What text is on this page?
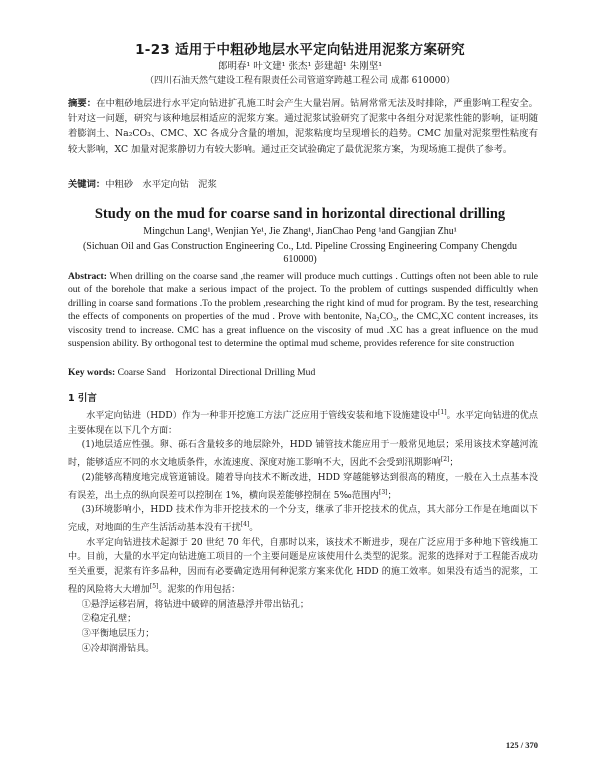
1-23 适用于中粗砂地层水平定向钻进用泥浆方案研究
郎明春¹ 叶文建¹ 张杰¹ 彭建超¹ 朱刚坚¹
（四川石油天然气建设工程有限责任公司管道穿跨越工程公司 成都 610000）
摘要：在中粗砂地层进行水平定向钻进扩孔施工时会产生大量岩屑。钻屑常常无法及时排除，严重影响工程安全。针对这一问题，研究与该种地层相适应的泥浆方案。通过泥浆试验研究了泥浆中各组分对泥浆性能的影响，证明随着膨润土、Na₂CO₃、CMC、XC 各成分含量的增加，泥浆粘度均呈现增长的趋势。CMC 加量对泥浆塑性粘度有较大影响，XC 加量对泥浆静切力有较大影响。通过正交试验确定了最优泥浆方案，为现场施工提供了参考。
关键词：中粗砂　水平定向钻　泥浆
Study on the mud for coarse sand in horizontal directional drilling
Mingchun Lang¹, Wenjian Ye¹, Jie Zhang¹, JianChao Peng ¹and Gangjian Zhu¹
(Sichuan Oil and Gas Construction Engineering Co., Ltd. Pipeline Crossing Engineering Company Chengdu 610000)
Abstract: When drilling on the coarse sand ,the reamer will produce much cuttings . Cuttings often not been able to rule out of the borehole that make a serious impact of the project. To the problem of cuttings suspended difficultly when drilling in coarse sand formations .To the problem ,researching the right kind of mud for program. By the test, researching the effects of components on properties of the mud . Prove with bentonite, Na₂CO₃, the CMC,XC content increases, its viscosity trend to increase. CMC has a great influence on the viscosity of mud .XC has a great influence on the mud suspension ability. By orthogonal test to determine the optimal mud scheme, provides reference for site construction
Key words: Coarse Sand　Horizontal Directional Drilling Mud
1 引言

水平定向钻进（HDD）作为一种非开挖施工方法广泛应用于管线安装和地下设施建设中[1]。水平定向钻进的优点主要体现在以下几个方面：

(1)地层适应性强。卵、砾石含量较多的地层除外，HDD 铺管技术能应用于一般常见地层；采用该技术穿越河流时，能够适应不同的水文地质条件，水流速度、深度对施工影响不大，因此不会受到汛期影响[2]；

(2)能够高精度地完成管道铺设。随着导向技术不断改进，HDD 穿越能够达到很高的精度，一般在入土点基本没有误差，出土点的纵向误差可以控制在 1%，横向误差能够控制在 5‰范围内[3]；

(3)环境影响小，HDD 技术作为非开挖技术的一个分支，继承了非开挖技术的优点，其大部分工作是在地面以下完成，对地面的生产生活活动基本没有干扰[4]。

水平定向钻进技术起源于 20 世纪 70 年代，自那时以来，该技术不断进步，现在广泛应用于多种地下管线施工中。目前，大量的水平定向钻进施工项目的一个主要问题是应该使用什么类型的泥浆。泥浆的选择对于工程能否成功至关重要，泥浆有许多品种，因而有必要确定选用何种泥浆方案来优化 HDD 的施工效率。如果没有适当的泥浆，工程的风险将大大增加[5]。泥浆的作用包括：

①悬浮运移岩屑，将钻进中破碎的屑渣悬浮并带出钻孔；

②稳定孔壁；

③平衡地层压力；

④冷却润滑钻具。

125 / 370
